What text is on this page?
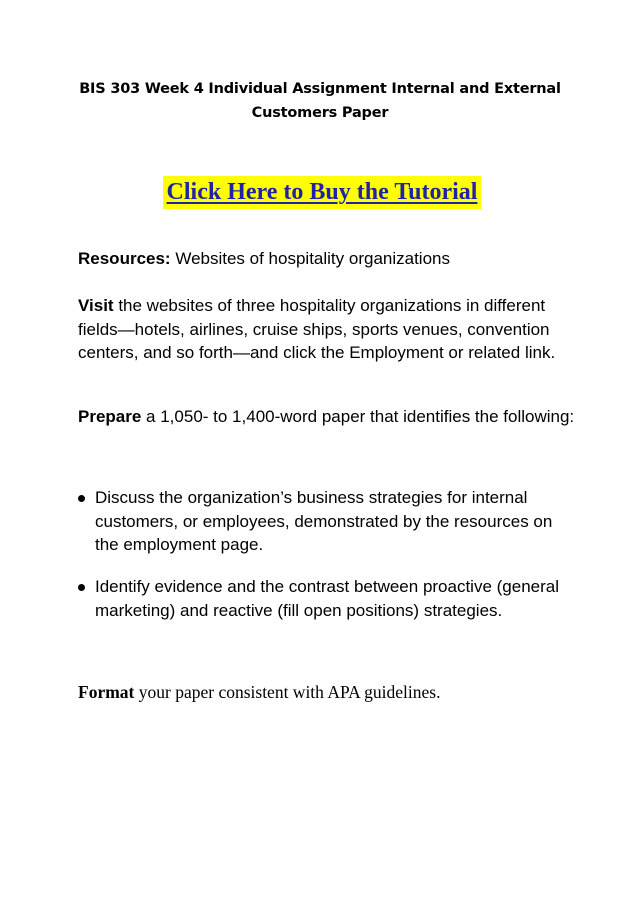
BIS 303 Week 4 Individual Assignment Internal and External
Customers Paper
Click Here to Buy the Tutorial
Resources: Websites of hospitality organizations
Visit the websites of three hospitality organizations in different fields—hotels, airlines, cruise ships, sports venues, convention centers, and so forth—and click the Employment or related link.
Prepare a 1,050- to 1,400-word paper that identifies the following:
Discuss the organization’s business strategies for internal customers, or employees, demonstrated by the resources on the employment page.
Identify evidence and the contrast between proactive (general marketing) and reactive (fill open positions) strategies.
Format your paper consistent with APA guidelines.
